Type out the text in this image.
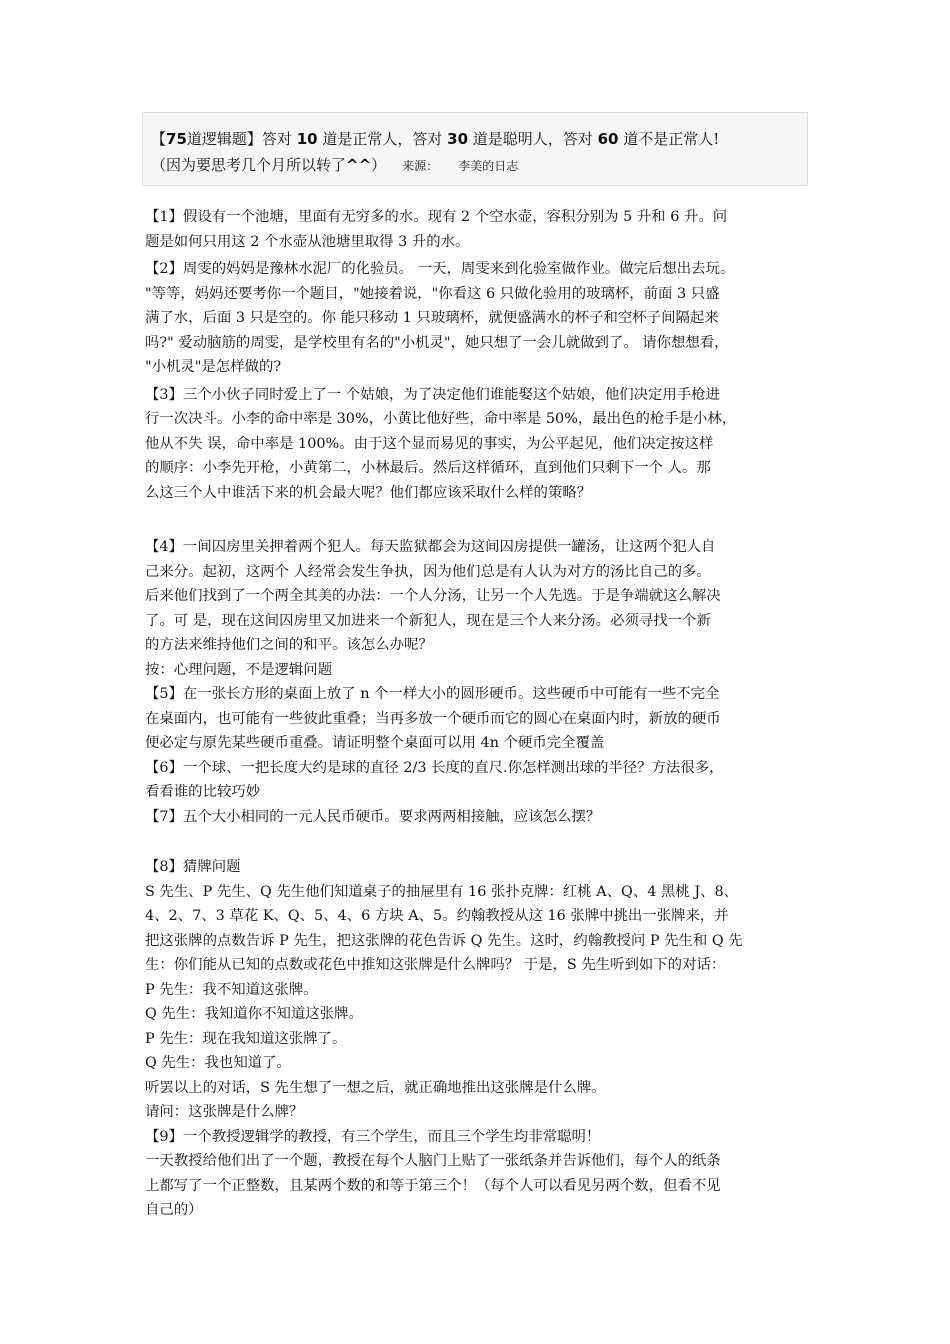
【75道逻辑题】答对 10 道是正常人，答对 30 道是聪明人，答对 60 道不是正常人!
（因为要思考几个月所以转了^^） 来源： 李美的日志

【1】假设有一个池塘，里面有无穷多的水。现有 2 个空水壶，容积分别为 5 升和 6 升。问

题是如何只用这 2 个水壶从池塘里取得 3 升的水。

【2】周雯的妈妈是豫林水泥厂的化验员。 一天，周雯来到化验室做作业。做完后想出去玩。

"等等，妈妈还要考你一个题目，"她接着说，"你看这 6 只做化验用的玻璃杯，前面 3 只盛

满了水，后面 3 只是空的。你 能只移动 1 只玻璃杯，就便盛满水的杯子和空杯子间隔起来

吗?" 爱动脑筋的周雯，是学校里有名的"小机灵"，她只想了一会儿就做到了。 请你想想看，

"小机灵"是怎样做的?

【3】三个小伙子同时爱上了一 个姑娘，为了决定他们谁能娶这个姑娘，他们决定用手枪进

行一次决斗。小李的命中率是 30%，小黄比他好些，命中率是 50%，最出色的枪手是小林，

他从不失 误，命中率是 100%。由于这个显而易见的事实，为公平起见，他们决定按这样

的顺序：小李先开枪，小黄第二，小林最后。然后这样循环，直到他们只剩下一个 人。那

么这三个人中谁活下来的机会最大呢？他们都应该采取什么样的策略？

【4】一间囚房里关押着两个犯人。每天监狱都会为这间囚房提供一罐汤，让这两个犯人自

己来分。起初，这两个 人经常会发生争执，因为他们总是有人认为对方的汤比自己的多。

后来他们找到了一个两全其美的办法：一个人分汤，让另一个人先选。于是争端就这么解决

了。可 是，现在这间囚房里又加进来一个新犯人，现在是三个人来分汤。必须寻找一个新

的方法来维持他们之间的和平。该怎么办呢？

按：心理问题，不是逻辑问题

【5】在一张长方形的桌面上放了 n 个一样大小的圆形硬币。这些硬币中可能有一些不完全

在桌面内，也可能有一些彼此重叠；当再多放一个硬币而它的圆心在桌面内时，新放的硬币

便必定与原先某些硬币重叠。请证明整个桌面可以用 4n 个硬币完全覆盖

【6】一个球、一把长度大约是球的直径 2/3 长度的直尺.你怎样测出球的半径？方法很多，

看看谁的比较巧妙

【7】五个大小相同的一元人民币硬币。要求两两相接触，应该怎么摆？

【8】猜牌问题

S 先生、P 先生、Q 先生他们知道桌子的抽屉里有 16 张扑克牌：红桃 A、Q、4 黑桃 J、8、

4、2、7、3 草花 K、Q、5、4、6 方块 A、5。约翰教授从这 16 张牌中挑出一张牌来，并

把这张牌的点数告诉 P 先生，把这张牌的花色告诉 Q 先生。这时，约翰教授问 P 先生和 Q 先

生：你们能从已知的点数或花色中推知这张牌是什么牌吗？ 于是，S 先生听到如下的对话：

P 先生：我不知道这张牌。

Q 先生：我知道你不知道这张牌。

P 先生：现在我知道这张牌了。

Q 先生：我也知道了。

听罢以上的对话，S 先生想了一想之后，就正确地推出这张牌是什么牌。

请问：这张牌是什么牌？

【9】一个教授逻辑学的教授，有三个学生，而且三个学生均非常聪明！

一天教授给他们出了一个题，教授在每个人脑门上贴了一张纸条并告诉他们，每个人的纸条

上都写了一个正整数，且某两个数的和等于第三个！（每个人可以看见另两个数，但看不见

自己的）
